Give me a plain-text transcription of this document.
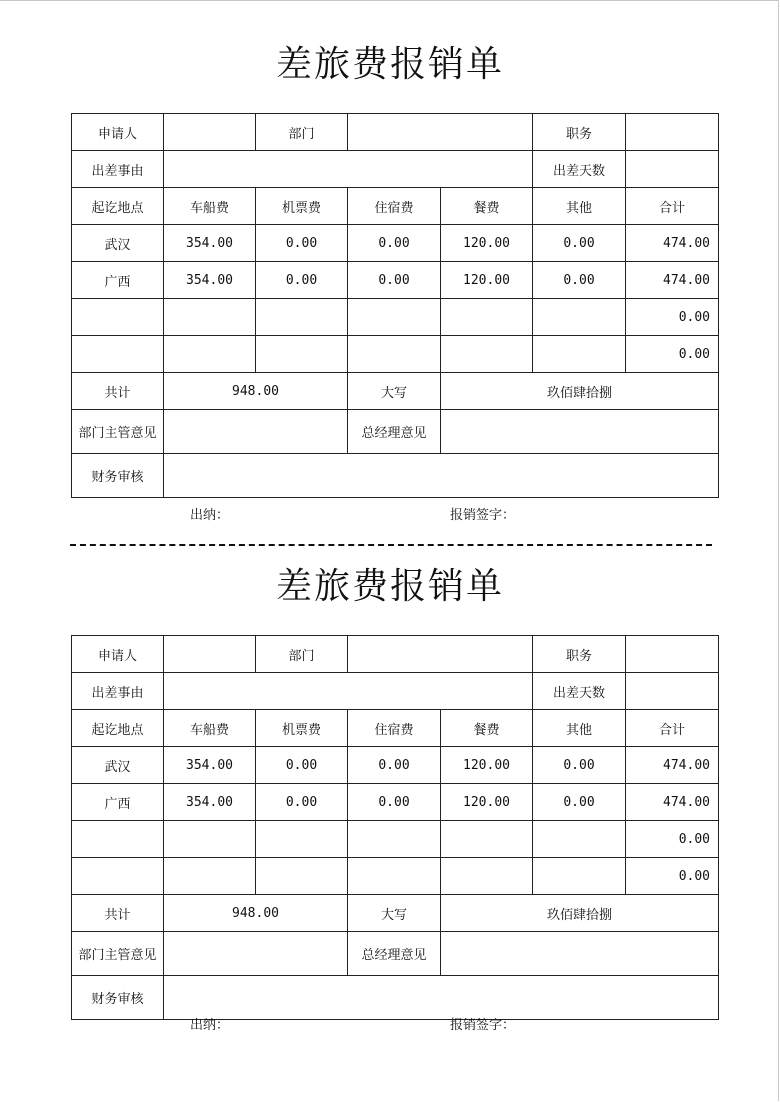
差旅费报销单
申请人		部门			职务	
出差事由					出差天数	
起讫地点	车船费	机票费	住宿费	餐费	其他	合计
武汉	354.00	0.00	0.00	120.00	0.00	474.00
广西	354.00	0.00	0.00	120.00	0.00	474.00
						0.00
						0.00
共计	948.00		大写	玖佰肆拾捌		
部门主管意见			总经理意见			
财务审核						
出纳：	报销签字：
差旅费报销单
申请人		部门			职务	
出差事由					出差天数	
起讫地点	车船费	机票费	住宿费	餐费	其他	合计
武汉	354.00	0.00	0.00	120.00	0.00	474.00
广西	354.00	0.00	0.00	120.00	0.00	474.00
						0.00
						0.00
共计	948.00		大写	玖佰肆拾捌		
部门主管意见			总经理意见			
财务审核						
出纳：	报销签字：
